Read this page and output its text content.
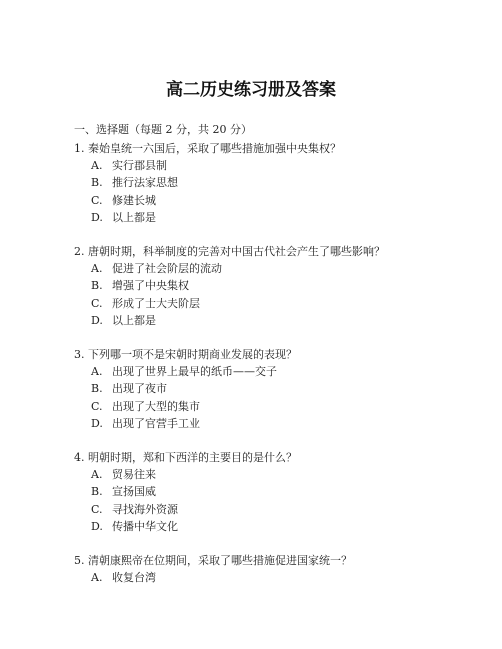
高二历史练习册及答案

一、选择题（每题 2 分，共 20 分）

1. 秦始皇统一六国后，采取了哪些措施加强中央集权？
A. 实行郡县制
B. 推行法家思想
C. 修建长城
D. 以上都是
2. 唐朝时期，科举制度的完善对中国古代社会产生了哪些影响？
A. 促进了社会阶层的流动
B. 增强了中央集权
C. 形成了士大夫阶层
D. 以上都是
3. 下列哪一项不是宋朝时期商业发展的表现？
A. 出现了世界上最早的纸币——交子
B. 出现了夜市
C. 出现了大型的集市
D. 出现了官营手工业
4. 明朝时期，郑和下西洋的主要目的是什么？
A. 贸易往来
B. 宣扬国威
C. 寻找海外资源
D. 传播中华文化
5. 清朝康熙帝在位期间，采取了哪些措施促进国家统一？
A. 收复台湾
